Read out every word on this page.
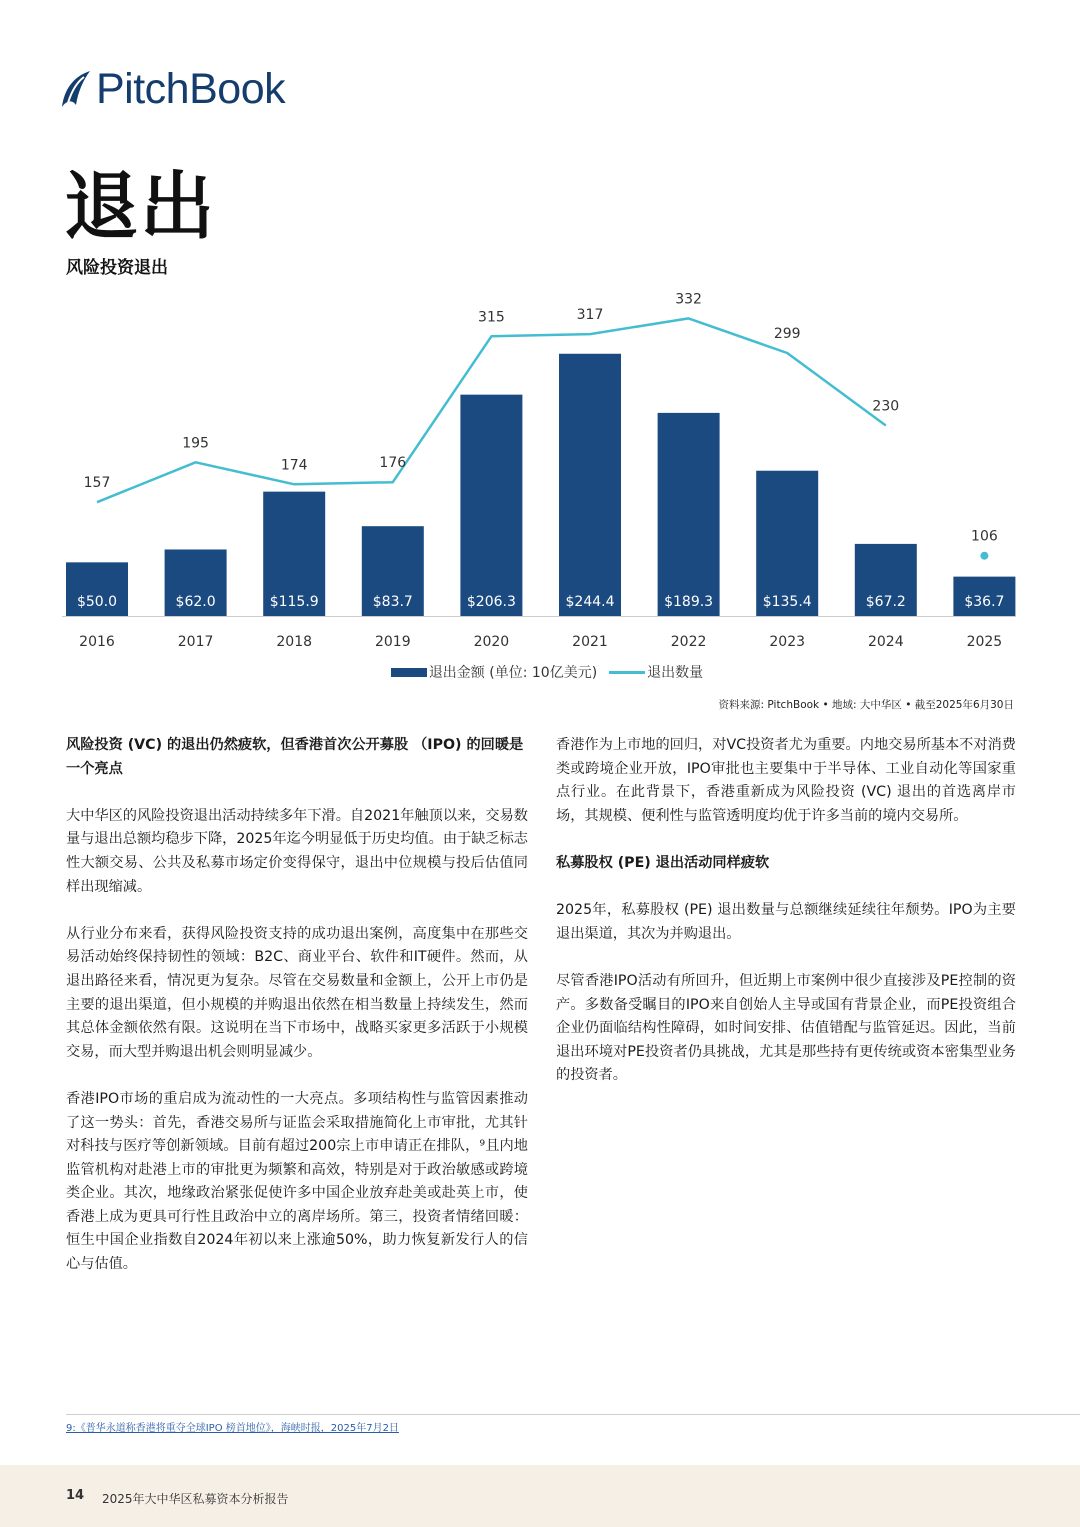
PitchBook
退出
风险投资退出
$50.0
2016
$62.0
2017
$115.9
2018
$83.7
2019
$206.3
2020
$244.4
2021
$189.3
2022
$135.4
2023
$67.2
2024
$36.7
2025
157
195
174	176
315	317
332
299
230
106
退出金额 (单位: 10亿美元)	退出数量
资料来源: PitchBook • 地域: 大中华区 • 截至2025年6月30日
风险投资 (VC) 的退出仍然疲软，但香港首次公开募股 （IPO) 的回暖是一个亮点

大中华区的风险投资退出活动持续多年下滑。自2021年触顶以来，交易数量与退出总额均稳步下降，2025年迄今明显低于历史均值。由于缺乏标志性大额交易、公共及私募市场定价变得保守，退出中位规模与投后估值同样出现缩减。

从行业分布来看，获得风险投资支持的成功退出案例，高度集中在那些交易活动始终保持韧性的领域：B2C、商业平台、软件和IT硬件。然而，从退出路径来看，情况更为复杂。尽管在交易数量和金额上，公开上市仍是主要的退出渠道，但小规模的并购退出依然在相当数量上持续发生，然而其总体金额依然有限。这说明在当下市场中，战略买家更多活跃于小规模交易，而大型并购退出机会则明显减少。

香港IPO市场的重启成为流动性的一大亮点。多项结构性与监管因素推动了这一势头：首先，香港交易所与证监会采取措施简化上市审批，尤其针对科技与医疗等创新领域。目前有超过200宗上市申请正在排队，⁹且内地监管机构对赴港上市的审批更为频繁和高效，特别是对于政治敏感或跨境类企业。其次，地缘政治紧张促使许多中国企业放弃赴美或赴英上市，使香港上成为更具可行性且政治中立的离岸场所。第三，投资者情绪回暖：恒生中国企业指数自2024年初以来上涨逾50%，助力恢复新发行人的信心与估值。

香港作为上市地的回归，对VC投资者尤为重要。内地交易所基本不对消费类或跨境企业开放，IPO审批也主要集中于半导体、工业自动化等国家重点行业。在此背景下，香港重新成为风险投资 (VC) 退出的首选离岸市场，其规模、便利性与监管透明度均优于许多当前的境内交易所。

私募股权 (PE) 退出活动同样疲软

2025年，私募股权 (PE) 退出数量与总额继续延续往年颓势。IPO为主要退出渠道，其次为并购退出。

尽管香港IPO活动有所回升，但近期上市案例中很少直接涉及PE控制的资产。多数备受瞩目的IPO来自创始人主导或国有背景企业，而PE投资组合企业仍面临结构性障碍，如时间安排、估值错配与监管延迟。因此，当前退出环境对PE投资者仍具挑战，尤其是那些持有更传统或资本密集型业务的投资者。

9:《普华永道称香港将重夺全球IPO 榜首地位》，海峡时报，2025年7月2日
14 2025年大中华区私募资本分析报告
